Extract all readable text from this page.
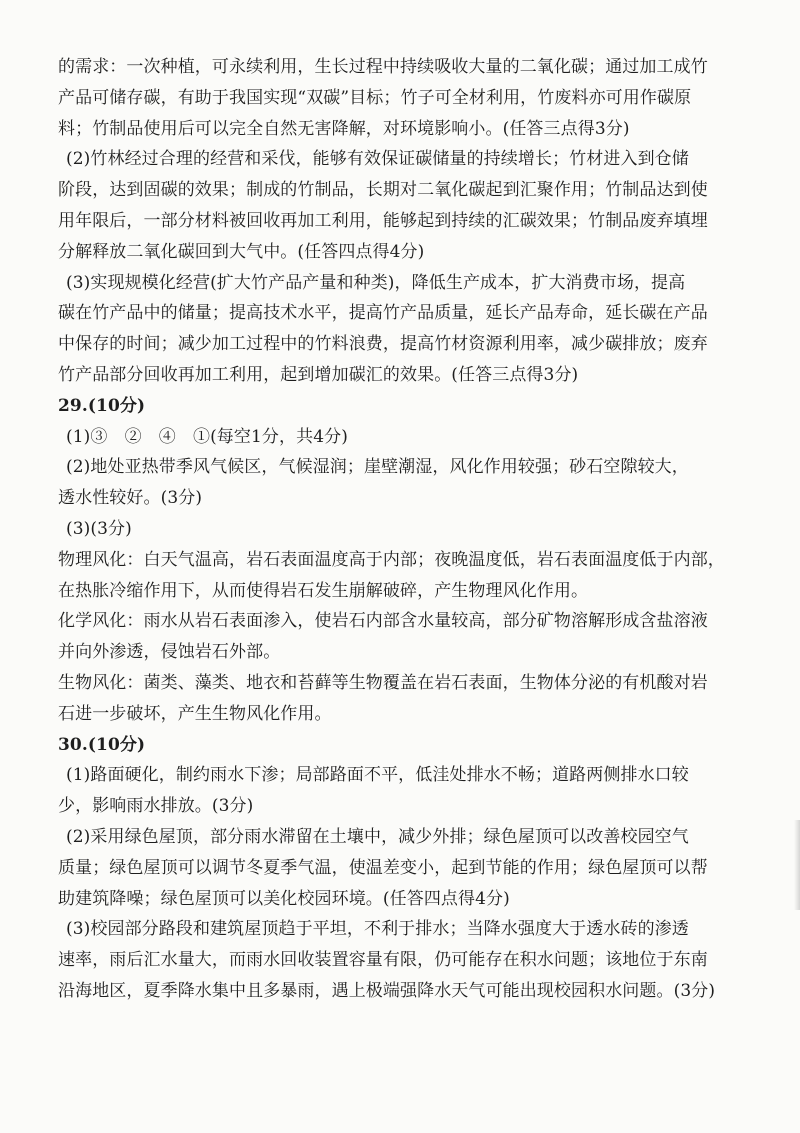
的需求：一次种植，可永续利用，生长过程中持续吸收大量的二氧化碳；通过加工成竹
产品可储存碳，有助于我国实现“双碳”目标；竹子可全材利用，竹废料亦可用作碳原
料；竹制品使用后可以完全自然无害降解，对环境影响小。(任答三点得3分)
(2)竹林经过合理的经营和采伐，能够有效保证碳储量的持续增长；竹材进入到仓储
阶段，达到固碳的效果；制成的竹制品，长期对二氧化碳起到汇聚作用；竹制品达到使
用年限后，一部分材料被回收再加工利用，能够起到持续的汇碳效果；竹制品废弃填埋
分解释放二氧化碳回到大气中。(任答四点得4分)
(3)实现规模化经营(扩大竹产品产量和种类)，降低生产成本，扩大消费市场，提高
碳在竹产品中的储量；提高技术水平，提高竹产品质量，延长产品寿命，延长碳在产品
中保存的时间；减少加工过程中的竹料浪费，提高竹材资源利用率，减少碳排放；废弃
竹产品部分回收再加工利用，起到增加碳汇的效果。(任答三点得3分)
29.(10分)
(1)③　②　④　①(每空1分，共4分)
(2)地处亚热带季风气候区，气候湿润；崖壁潮湿，风化作用较强；砂石空隙较大，
透水性较好。(3分)
(3)(3分)
物理风化：白天气温高，岩石表面温度高于内部；夜晚温度低，岩石表面温度低于内部，
在热胀冷缩作用下，从而使得岩石发生崩解破碎，产生物理风化作用。
化学风化：雨水从岩石表面渗入，使岩石内部含水量较高，部分矿物溶解形成含盐溶液
并向外渗透，侵蚀岩石外部。
生物风化：菌类、藻类、地衣和苔藓等生物覆盖在岩石表面，生物体分泌的有机酸对岩
石进一步破坏，产生生物风化作用。
30.(10分)
(1)路面硬化，制约雨水下渗；局部路面不平，低洼处排水不畅；道路两侧排水口较
少，影响雨水排放。(3分)
(2)采用绿色屋顶，部分雨水滞留在土壤中，减少外排；绿色屋顶可以改善校园空气
质量；绿色屋顶可以调节冬夏季气温，使温差变小，起到节能的作用；绿色屋顶可以帮
助建筑降噪；绿色屋顶可以美化校园环境。(任答四点得4分)
(3)校园部分路段和建筑屋顶趋于平坦，不利于排水；当降水强度大于透水砖的渗透
速率，雨后汇水量大，而雨水回收装置容量有限，仍可能存在积水问题；该地位于东南
沿海地区，夏季降水集中且多暴雨，遇上极端强降水天气可能出现校园积水问题。(3分)
